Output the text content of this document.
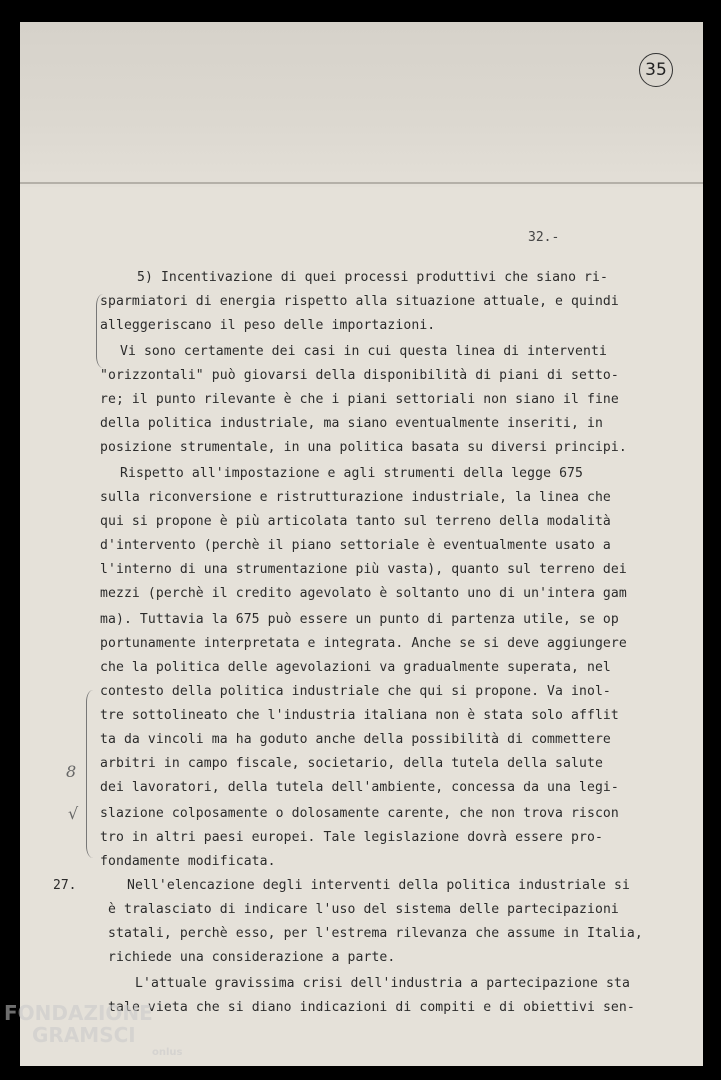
35
32.-
8
√
27.
5) Incentivazione di quei processi produttivi che siano ri-
sparmiatori di energia rispetto alla situazione attuale, e quindi
alleggeriscano il peso delle importazioni.
Vi sono certamente dei casi in cui questa linea di interventi
"orizzontali" può giovarsi della disponibilità di piani di setto-
re; il punto rilevante è che i piani settoriali non siano il fine
della politica industriale, ma siano eventualmente inseriti, in
posizione strumentale, in una politica basata su diversi principi.
Rispetto all'impostazione e agli strumenti della legge 675
sulla riconversione e ristrutturazione industriale, la linea che
qui si propone è più articolata tanto sul terreno della modalità
d'intervento (perchè il piano settoriale è eventualmente usato a
l'interno di una strumentazione più vasta), quanto sul terreno dei
mezzi (perchè il credito agevolato è soltanto uno di un'intera gam
ma). Tuttavia la 675 può essere un punto di partenza utile, se op
portunamente interpretata e integrata. Anche se si deve aggiungere
che la politica delle agevolazioni va gradualmente superata, nel
contesto della politica industriale che qui si propone. Va inol-
tre sottolineato che l'industria italiana non è stata solo afflit
ta da vincoli ma ha goduto anche della possibilità di commettere
arbitri in campo fiscale, societario, della tutela della salute
dei lavoratori, della tutela dell'ambiente, concessa da una legi-
slazione colposamente o dolosamente carente, che non trova riscon
tro in altri paesi europei. Tale legislazione dovrà essere pro-
fondamente modificata.
Nell'elencazione degli interventi della politica industriale si
è tralasciato di indicare l'uso del sistema delle partecipazioni
statali, perchè esso, per l'estrema rilevanza che assume in Italia,
richiede una considerazione a parte.
L'attuale gravissima crisi dell'industria a partecipazione sta
tale vieta che si diano indicazioni di compiti e di obiettivi sen-
FONDAZIONE
GRAMSCI
onlus
